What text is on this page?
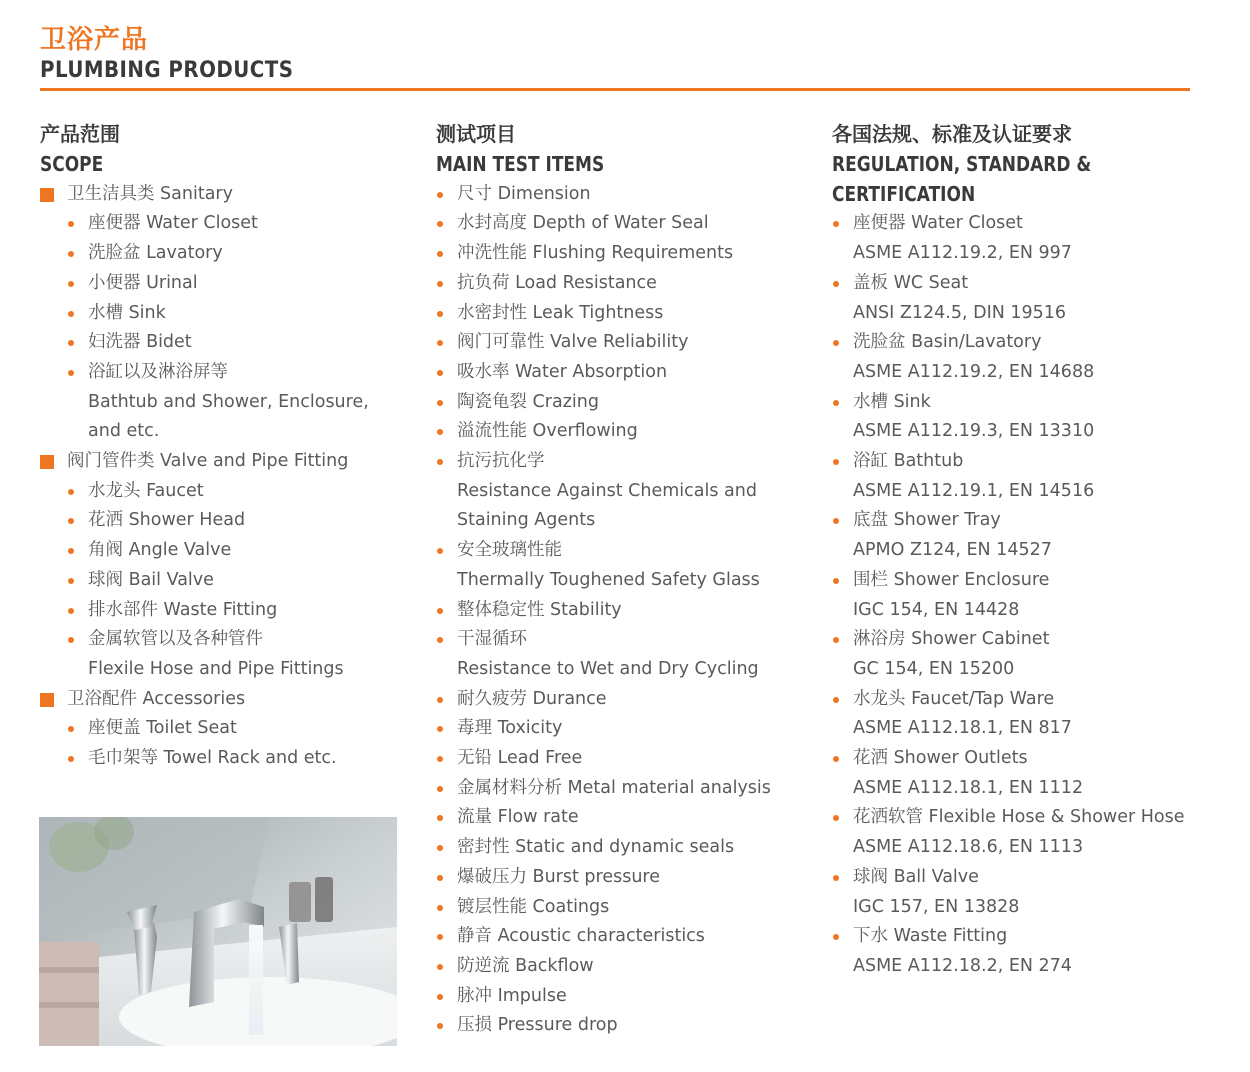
卫浴产品
PLUMBING PRODUCTS
产品范围
SCOPE
卫生洁具类 Sanitary
座便器 Water Closet
洗脸盆 Lavatory
小便器 Urinal
水槽 Sink
妇洗器 Bidet
浴缸以及淋浴屏等
Bathtub and Shower, Enclosure,
and etc.
阀门管件类 Valve and Pipe Fitting
水龙头 Faucet
花洒 Shower Head
角阀 Angle Valve
球阀 Bail Valve
排水部件 Waste Fitting
金属软管以及各种管件
Flexile Hose and Pipe Fittings
卫浴配件 Accessories
座便盖 Toilet Seat
毛巾架等 Towel Rack and etc.
测试项目
MAIN TEST ITEMS
尺寸 Dimension
水封高度 Depth of Water Seal
冲洗性能 Flushing Requirements
抗负荷 Load Resistance
水密封性 Leak Tightness
阀门可靠性 Valve Reliability
吸水率 Water Absorption
陶瓷龟裂 Crazing
溢流性能 Overflowing
抗污抗化学
Resistance Against Chemicals and
Staining Agents
安全玻璃性能
Thermally Toughened Safety Glass
整体稳定性 Stability
干湿循环
Resistance to Wet and Dry Cycling
耐久疲劳 Durance
毒理 Toxicity
无铅 Lead Free
金属材料分析 Metal material analysis
流量 Flow rate
密封性 Static and dynamic seals
爆破压力 Burst pressure
镀层性能 Coatings
静音 Acoustic characteristics
防逆流 Backflow
脉冲 Impulse
压损 Pressure drop
各国法规、标准及认证要求
REGULATION, STANDARD &
CERTIFICATION
座便器 Water Closet
ASME A112.19.2, EN 997
盖板 WC Seat
ANSI Z124.5, DIN 19516
洗脸盆 Basin/Lavatory
ASME A112.19.2, EN 14688
水槽 Sink
ASME A112.19.3, EN 13310
浴缸 Bathtub
ASME A112.19.1, EN 14516
底盘 Shower Tray
APMO Z124, EN 14527
围栏 Shower Enclosure
IGC 154, EN 14428
淋浴房 Shower Cabinet
GC 154, EN 15200
水龙头 Faucet/Tap Ware
ASME A112.18.1, EN 817
花洒 Shower Outlets
ASME A112.18.1, EN 1112
花洒软管 Flexible Hose & Shower Hose
ASME A112.18.6, EN 1113
球阀 Ball Valve
IGC 157, EN 13828
下水 Waste Fitting
ASME A112.18.2, EN 274
